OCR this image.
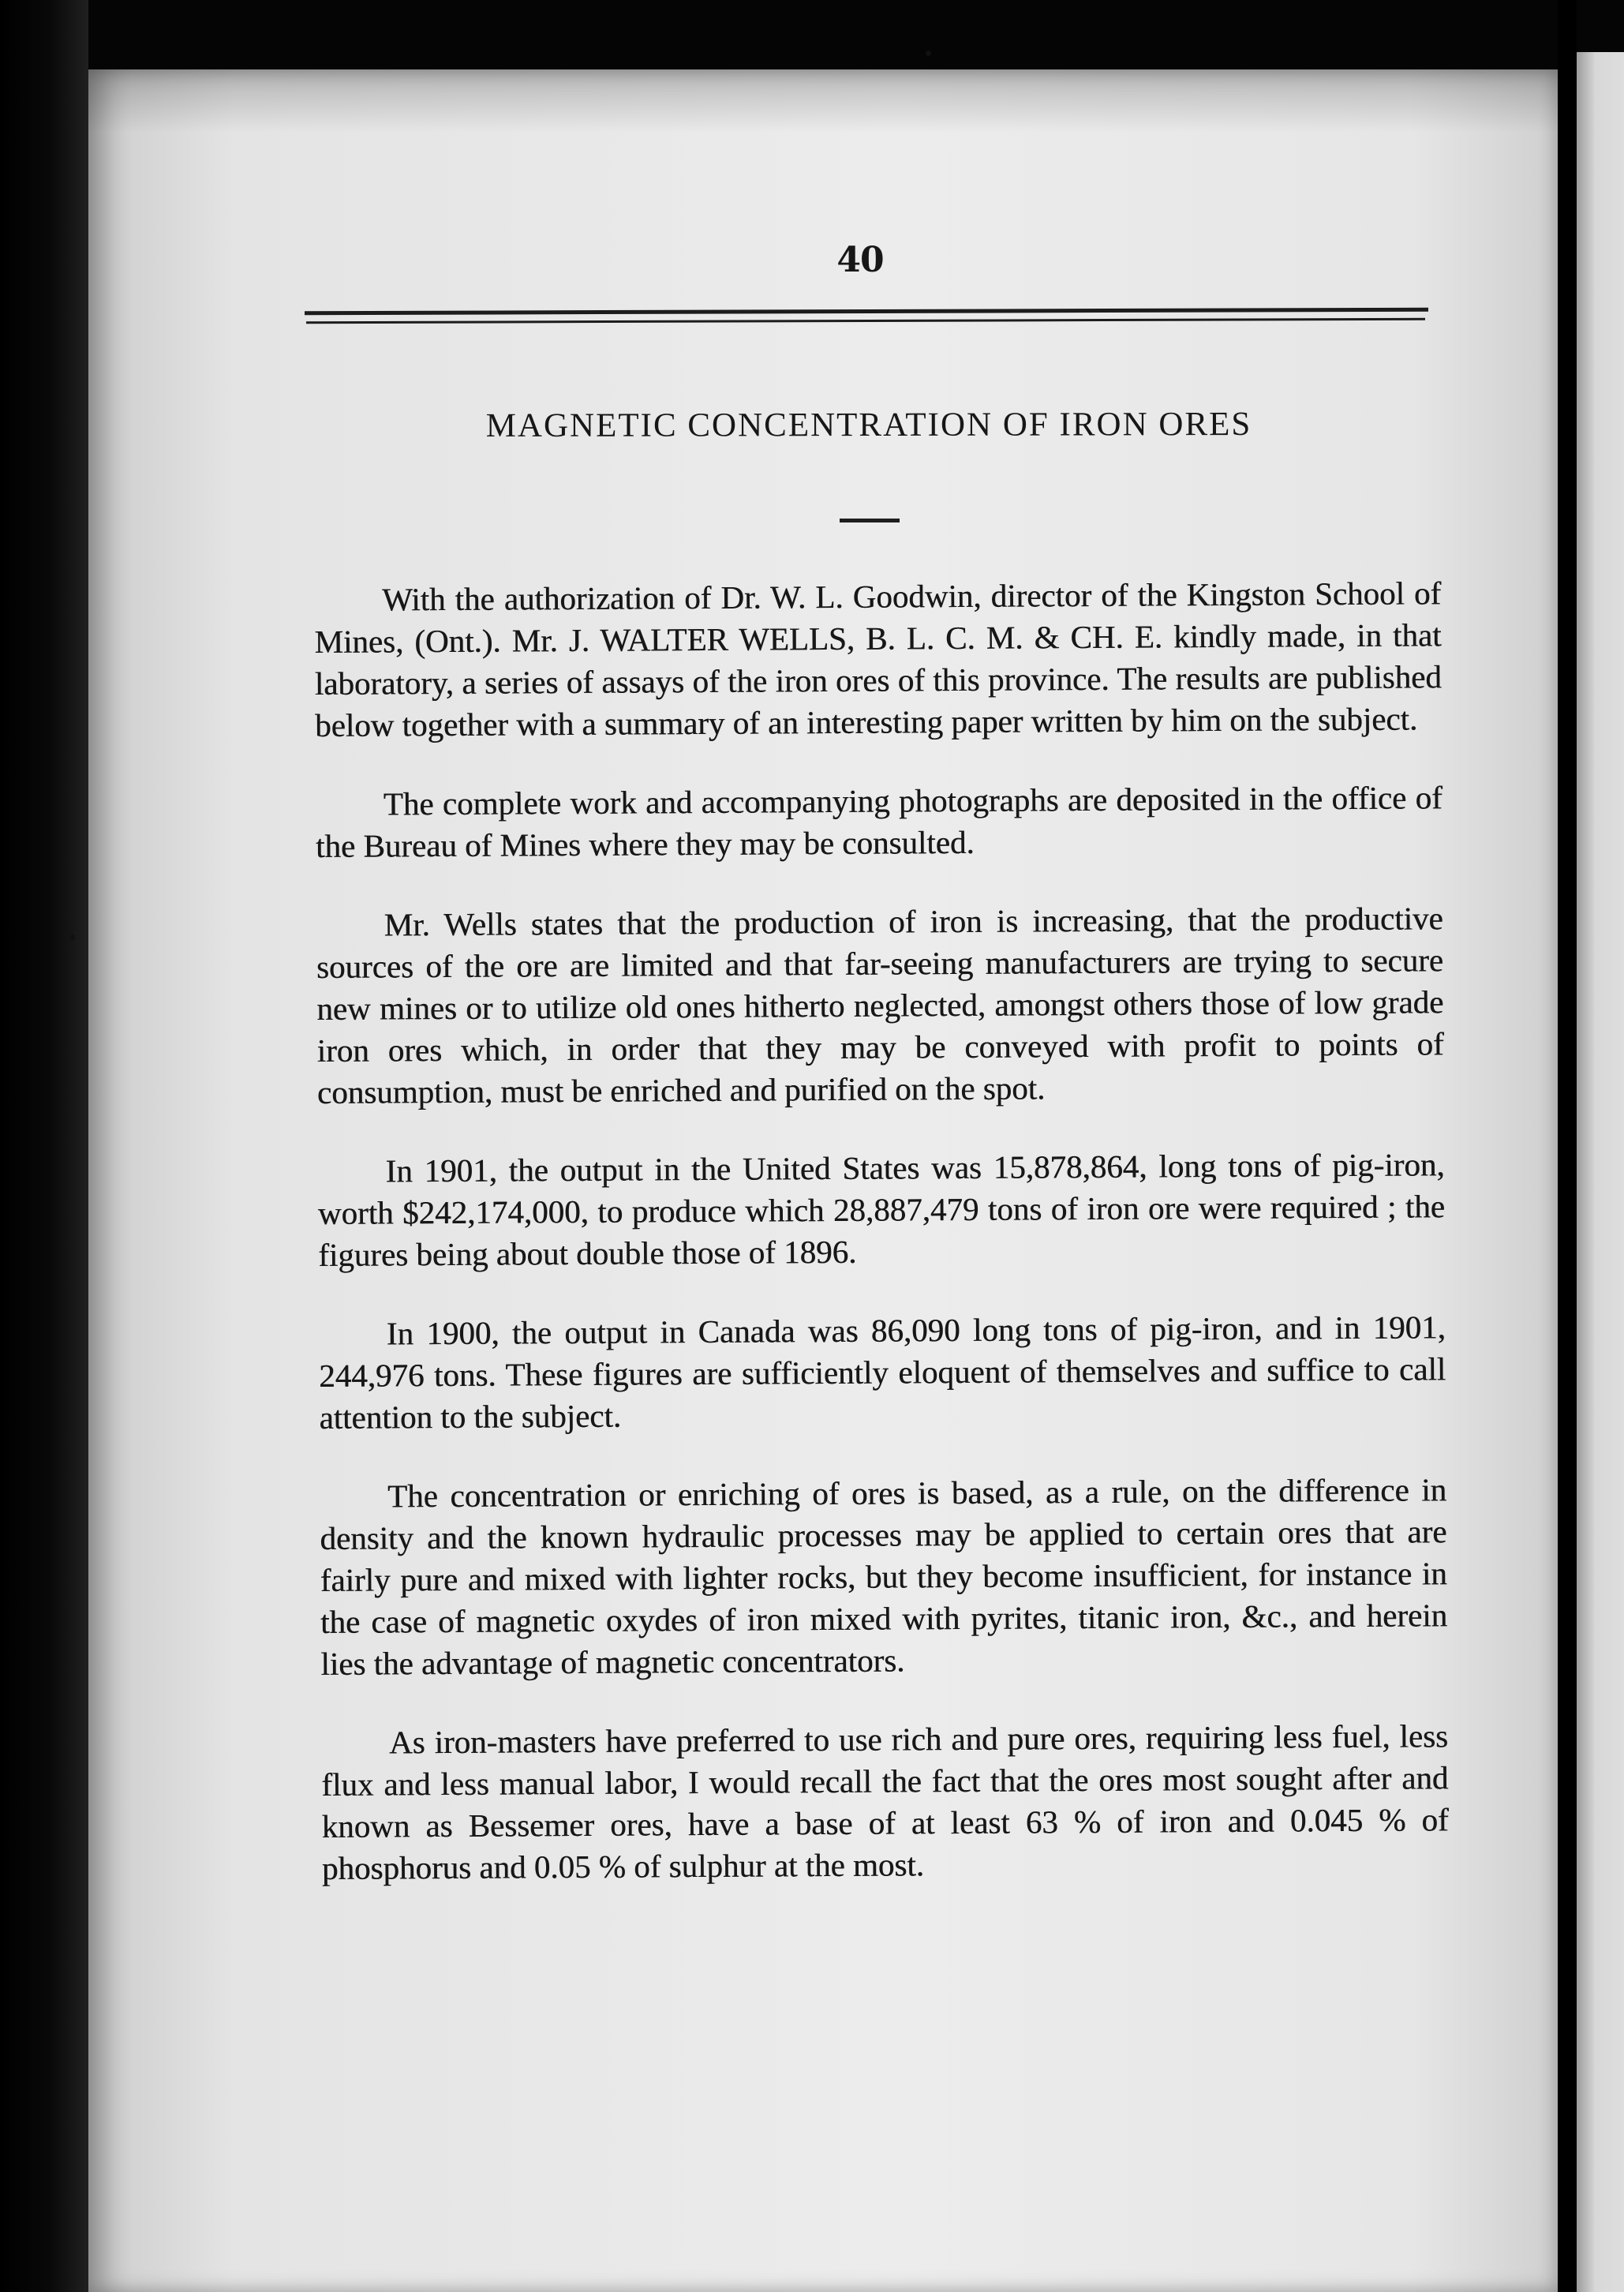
40
MAGNETIC CONCENTRATION OF IRON ORES

With the authorization of Dr. W. L. Goodwin, director of the Kingston School of Mines, (Ont.). Mr. J. WALTER WELLS, B. L. C. M. & CH. E. kindly made, in that laboratory, a series of assays of the iron ores of this province. The results are published below together with a summary of an interesting paper written by him on the subject.

The complete work and accompanying photographs are deposited in the office of the Bureau of Mines where they may be consulted.

Mr. Wells states that the production of iron is increasing, that the productive sources of the ore are limited and that far-seeing manufacturers are trying to secure new mines or to utilize old ones hitherto neglected, amongst others those of low grade iron ores which, in order that they may be conveyed with profit to points of consumption, must be enriched and purified on the spot.

In 1901, the output in the United States was 15,878,864, long tons of pig-iron, worth $242,174,000, to produce which 28,887,479 tons of iron ore were required ; the figures being about double those of 1896.

In 1900, the output in Canada was 86,090 long tons of pig-iron, and in 1901, 244,976 tons. These figures are sufficiently eloquent of themselves and suffice to call attention to the subject.

The concentration or enriching of ores is based, as a rule, on the difference in density and the known hydraulic processes may be applied to certain ores that are fairly pure and mixed with lighter rocks, but they become insufficient, for instance in the case of magnetic oxydes of iron mixed with pyrites, titanic iron, &c., and herein lies the advantage of magnetic concentrators.

As iron-masters have preferred to use rich and pure ores, requiring less fuel, less flux and less manual labor, I would recall the fact that the ores most sought after and known as Bessemer ores, have a base of at least 63 % of iron and 0.045 % of phosphorus and 0.05 % of sulphur at the most.
